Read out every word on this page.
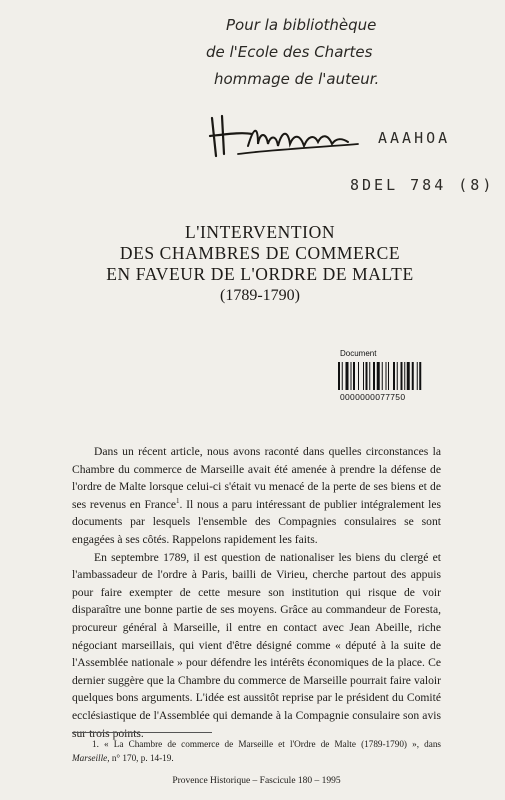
Pour la bibliothèque
de l'Ecole des Chartes
hommage de l'auteur.
AAAHOA
8DEL 784 (8)
L'INTERVENTION
DES CHAMBRES DE COMMERCE
EN FAVEUR DE L'ORDRE DE MALTE
(1789-1790)
Document
0000000077750

Dans un récent article, nous avons raconté dans quelles circonstances la Chambre du commerce de Marseille avait été amenée à prendre la défense de l'ordre de Malte lorsque celui-ci s'était vu menacé de la perte de ses biens et de ses revenus en France$^1$. Il nous a paru intéressant de publier intégralement les documents par lesquels l'ensemble des Compagnies consulaires se sont engagées à ses côtés. Rappelons rapidement les faits.

En septembre 1789, il est question de nationaliser les biens du clergé et l'ambassadeur de l'ordre à Paris, bailli de Virieu, cherche partout des appuis pour faire exempter de cette mesure son institution qui risque de voir disparaître une bonne partie de ses moyens. Grâce au commandeur de Foresta, procureur général à Marseille, il entre en contact avec Jean Abeille, riche négociant marseillais, qui vient d'être désigné comme « député à la suite de l'Assemblée nationale » pour défendre les intérêts économiques de la place. Ce dernier suggère que la Chambre du commerce de Marseille pourrait faire valoir quelques bons arguments. L'idée est aussitôt reprise par le président du Comité ecclésiastique de l'Assemblée qui demande à la Compagnie consulaire son avis sur trois points.

1. « La Chambre de commerce de Marseille et l'Ordre de Malte (1789-1790) », dans Marseille, n° 170, p. 14-19.
Provence Historique – Fascicule 180 – 1995
